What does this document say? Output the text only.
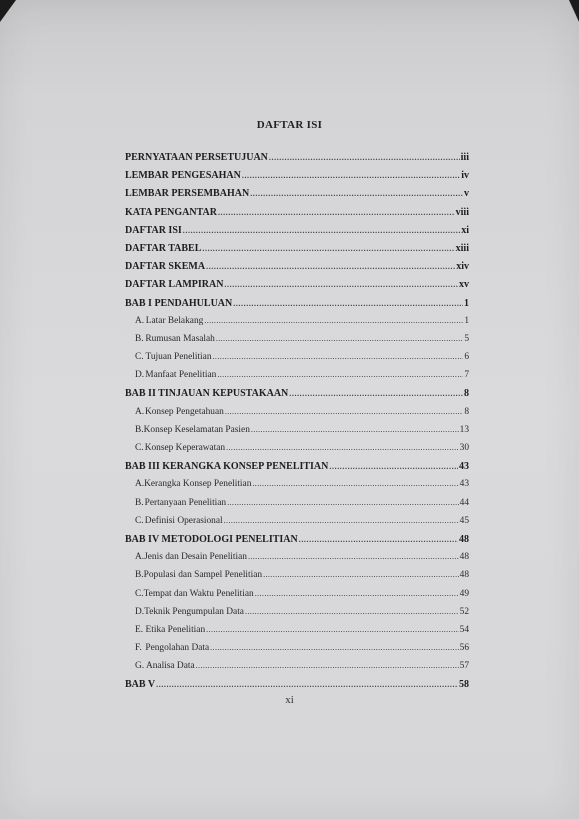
DAFTAR ISI
PERNYATAAN PERSETUJUAN .....	iii
LEMBAR PENGESAHAN .....	iv
LEMBAR PERSEMBAHAN .....	v
KATA PENGANTAR .....	viii
DAFTAR ISI .....	xi
DAFTAR TABEL .....	xiii
DAFTAR SKEMA .....	xiv
DAFTAR LAMPIRAN .....	xv
BAB I PENDAHULUAN .....	1
A. Latar Belakang .....	1
B. Rumusan Masalah .....	5
C. Tujuan Penelitian .....	6
D. Manfaat Penelitian .....	7
BAB II TINJAUAN KEPUSTAKAAN .....	8
A. Konsep Pengetahuan .....	8
B. Konsep Keselamatan Pasien .....	13
C. Konsep Keperawatan .....	30
BAB III KERANGKA KONSEP PENELITIAN .....	43
A. Kerangka Konsep Penelitian .....	43
B. Pertanyaan Penelitian .....	44
C. Definisi Operasional .....	45
BAB IV METODOLOGI PENELITIAN .....	48
A. Jenis dan Desain Penelitian .....	48
B. Populasi dan Sampel Penelitian .....	48
C. Tempat dan Waktu Penelitian .....	49
D. Teknik Pengumpulan Data .....	52
E. Etika Penelitian .....	54
F. Pengolahan Data .....	56
G. Analisa Data .....	57
BAB V .....	58
xi
